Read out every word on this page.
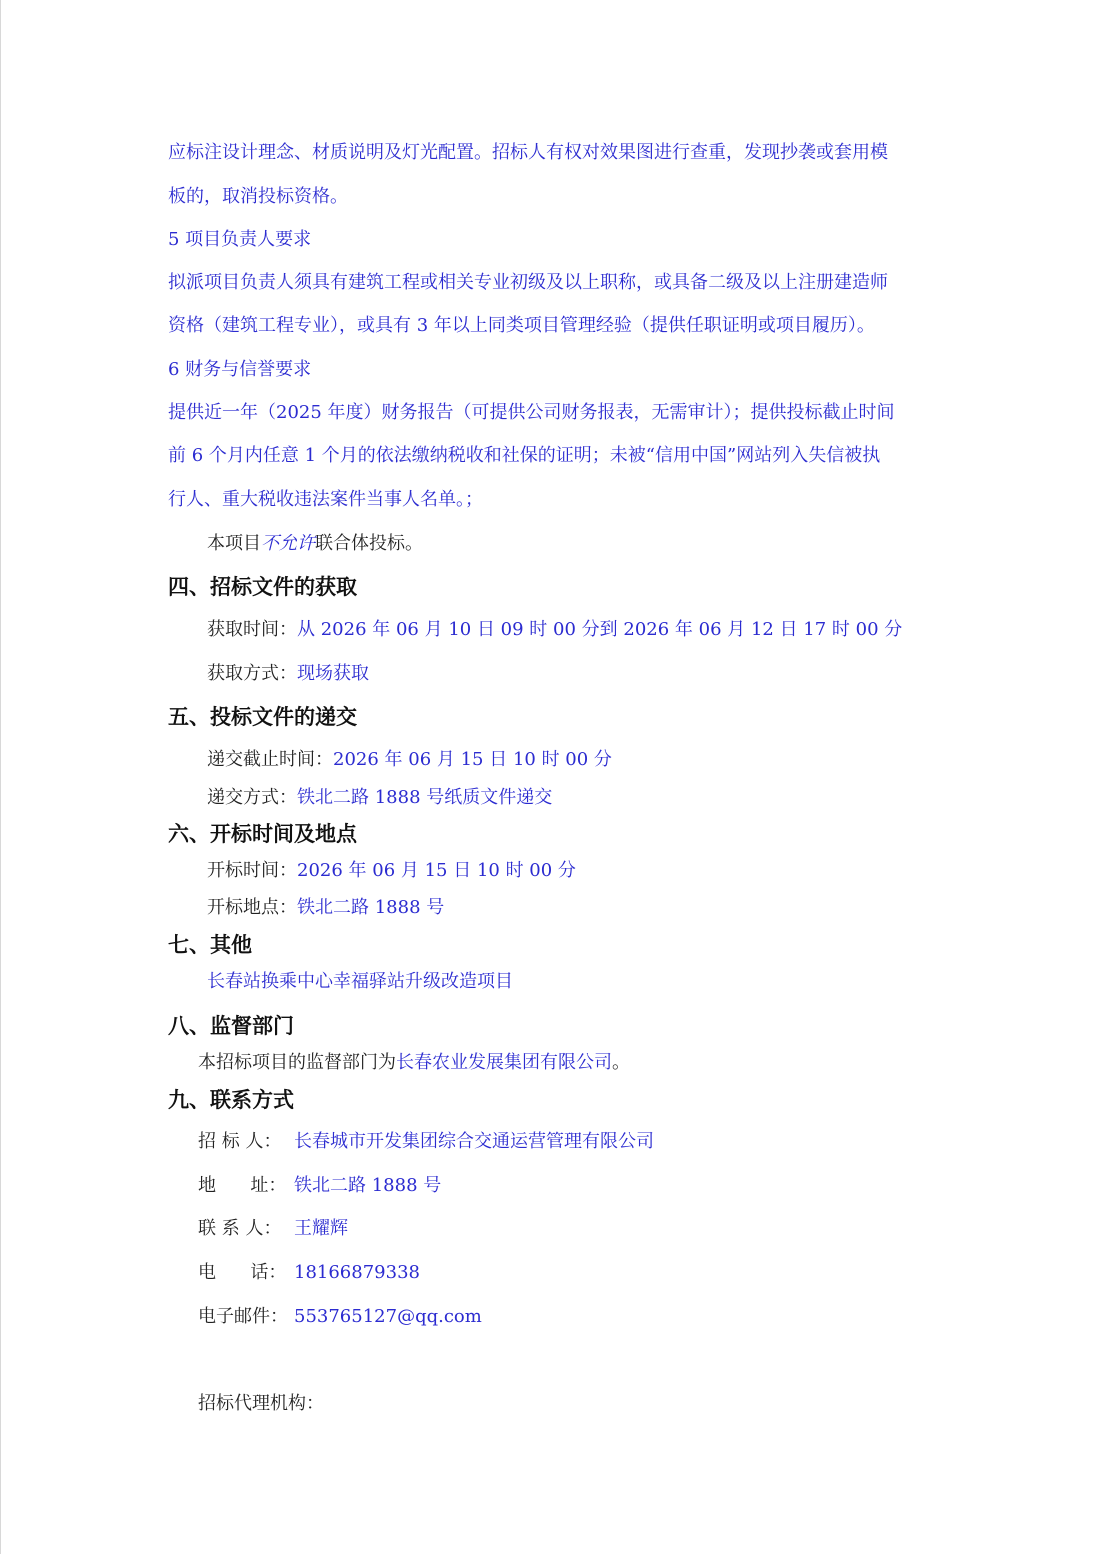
应标注设计理念、材质说明及灯光配置。招标人有权对效果图进行查重，发现抄袭或套用模

板的，取消投标资格。

5 项目负责人要求

拟派项目负责人须具有建筑工程或相关专业初级及以上职称，或具备二级及以上注册建造师

资格（建筑工程专业），或具有 3 年以上同类项目管理经验（提供任职证明或项目履历）。

6 财务与信誉要求

提供近一年（2025 年度）财务报告（可提供公司财务报表，无需审计）；提供投标截止时间

前 6 个月内任意 1 个月的依法缴纳税收和社保的证明；未被“信用中国”网站列入失信被执

行人、重大税收违法案件当事人名单。；

本项目不允许联合体投标。

四、招标文件的获取

获取时间：从 2026 年 06 月 10 日 09 时 00 分到 2026 年 06 月 12 日 17 时 00 分

获取方式：现场获取

五、投标文件的递交

递交截止时间：2026 年 06 月 15 日 10 时 00 分

递交方式：铁北二路 1888 号纸质文件递交

六、开标时间及地点

开标时间：2026 年 06 月 15 日 10 时 00 分

开标地点：铁北二路 1888 号

七、其他

长春站换乘中心幸福驿站升级改造项目

八、监督部门

本招标项目的监督部门为长春农业发展集团有限公司。

九、联系方式

招 标 人： 长春城市开发集团综合交通运营管理有限公司

地      址： 铁北二路 1888 号

联 系 人： 王耀辉

电      话： 18166879338

电子邮件： 553765127@qq.com

招标代理机构：
